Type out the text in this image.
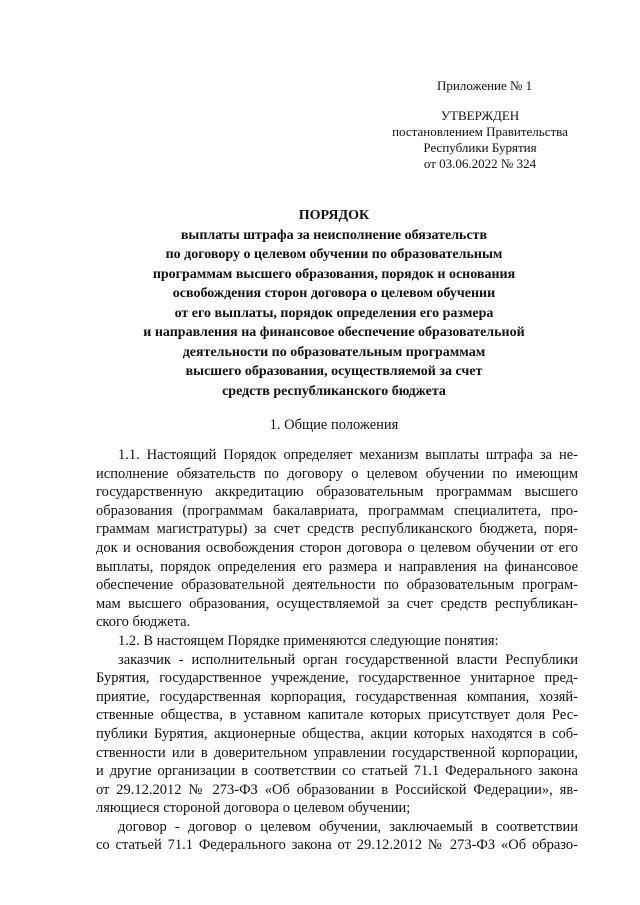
Приложение № 1
УТВЕРЖДЕН
постановлением Правительства
Республики Бурятия
от 03.06.2022 № 324
ПОРЯДОК
выплаты штрафа за неисполнение обязательств
по договору о целевом обучении по образовательным
программам высшего образования, порядок и основания
освобождения сторон договора о целевом обучении
от его выплаты, порядок определения его размера
и направления на финансовое обеспечение образовательной
деятельности по образовательным программам
высшего образования, осуществляемой за счет
средств республиканского бюджета
1. Общие положения
1.1. Настоящий Порядок определяет механизм выплаты штрафа за не-
исполнение обязательств по договору о целевом обучении по имеющим
государственную аккредитацию образовательным программам высшего
образования (программам бакалавриата, программам специалитета, про-
граммам магистратуры) за счет средств республиканского бюджета, поря-
док и основания освобождения сторон договора о целевом обучении от его
выплаты, порядок определения его размера и направления на финансовое
обеспечение образовательной деятельности по образовательным програм-
мам высшего образования, осуществляемой за счет средств республикан-
ского бюджета.
1.2. В настоящем Порядке применяются следующие понятия:
заказчик - исполнительный орган государственной власти Республики
Бурятия, государственное учреждение, государственное унитарное пред-
приятие, государственная корпорация, государственная компания, хозяй-
ственные общества, в уставном капитале которых присутствует доля Рес-
публики Бурятия, акционерные общества, акции которых находятся в соб-
ственности или в доверительном управлении государственной корпорации,
и другие организации в соответствии со статьей 71.1 Федерального закона
от 29.12.2012 № 273-ФЗ «Об образовании в Российской Федерации», яв-
ляющиеся стороной договора о целевом обучении;
договор - договор о целевом обучении, заключаемый в соответствии
со статьей 71.1 Федерального закона от 29.12.2012 № 273-ФЗ «Об образо-
